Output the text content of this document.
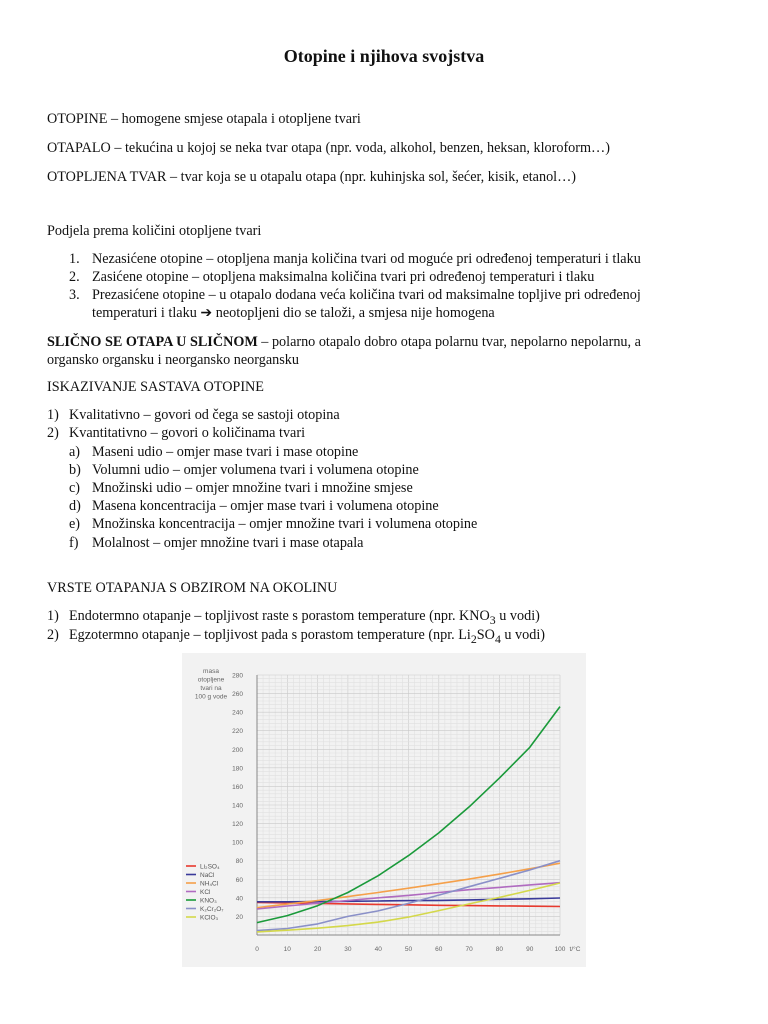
Otopine i njihova svojstva
OTOPINE – homogene smjese otapala i otopljene tvari
OTAPALO – tekućina u kojoj se neka tvar otapa (npr. voda, alkohol, benzen, heksan, kloroform…)
OTOPLJENA TVAR – tvar koja se u otapalu otapa (npr. kuhinjska sol, šećer, kisik, etanol…)
Podjela prema količini otopljene tvari
1. Nezasićene otopine – otopljena manja količina tvari od moguće pri određenoj temperaturi i tlaku
2. Zasićene otopine – otopljena maksimalna količina tvari pri određenoj temperaturi i tlaku
3. Prezasićene otopine – u otapalo dodana veća količina tvari od maksimalne topljive pri određenoj
temperaturi i tlaku ➔ neotopljeni dio se taloži, a smjesa nije homogena
SLIČNO SE OTAPA U SLIČNOM – polarno otapalo dobro otapa polarnu tvar, nepolarno nepolarnu, a
organsko organsku i neorgansko neorgansku
ISKAZIVANJE SASTAVA OTOPINE
1) Kvalitativno – govori od čega se sastoji otopina
2) Kvantitativno – govori o količinama tvari
a) Maseni udio – omjer mase tvari i mase otopine
b) Volumni udio – omjer volumena tvari i volumena otopine
c) Množinski udio – omjer množine tvari i množine smjese
d) Masena koncentracija – omjer mase tvari i volumena otopine
e) Množinska koncentracija – omjer množine tvari i volumena otopine
f) Molalnost – omjer množine tvari i mase otapala
VRSTE OTAPANJA S OBZIROM NA OKOLINU
1) Endotermno otapanje – topljivost raste s porastom temperature (npr. $KNO_3$ u vodi)
2) Egzotermno otapanje – topljivost pada s porastom temperature (npr. $Li_2SO_4$ u vodi)
0	10	20	30	40	50	60	70	80	90	100 t/°C
20
40
60
80
100
120
140
160
180
200
220
240
260
280
masa otopljene tvari na 100 g vode
Li₂SO₄
NaCl
NH₄Cl
KCl
KNO₃
K₂Cr₂O₇
KClO₃
